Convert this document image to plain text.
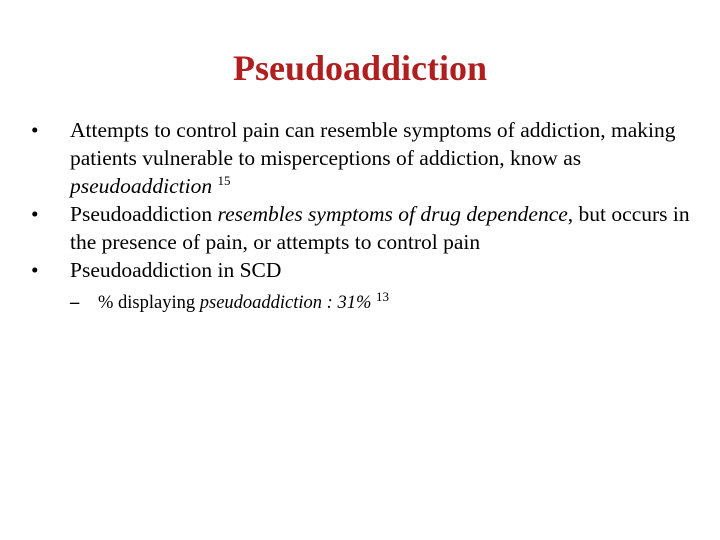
Pseudoaddiction
• Attempts to control pain can resemble symptoms of addiction, making patients vulnerable to misperceptions of addiction, know as pseudoaddiction $^{15}$
• Pseudoaddiction resembles symptoms of drug dependence, but occurs in the presence of pain, or attempts to control pain
• Pseudoaddiction in SCD
– % displaying pseudoaddiction : 31% $^{13}$
